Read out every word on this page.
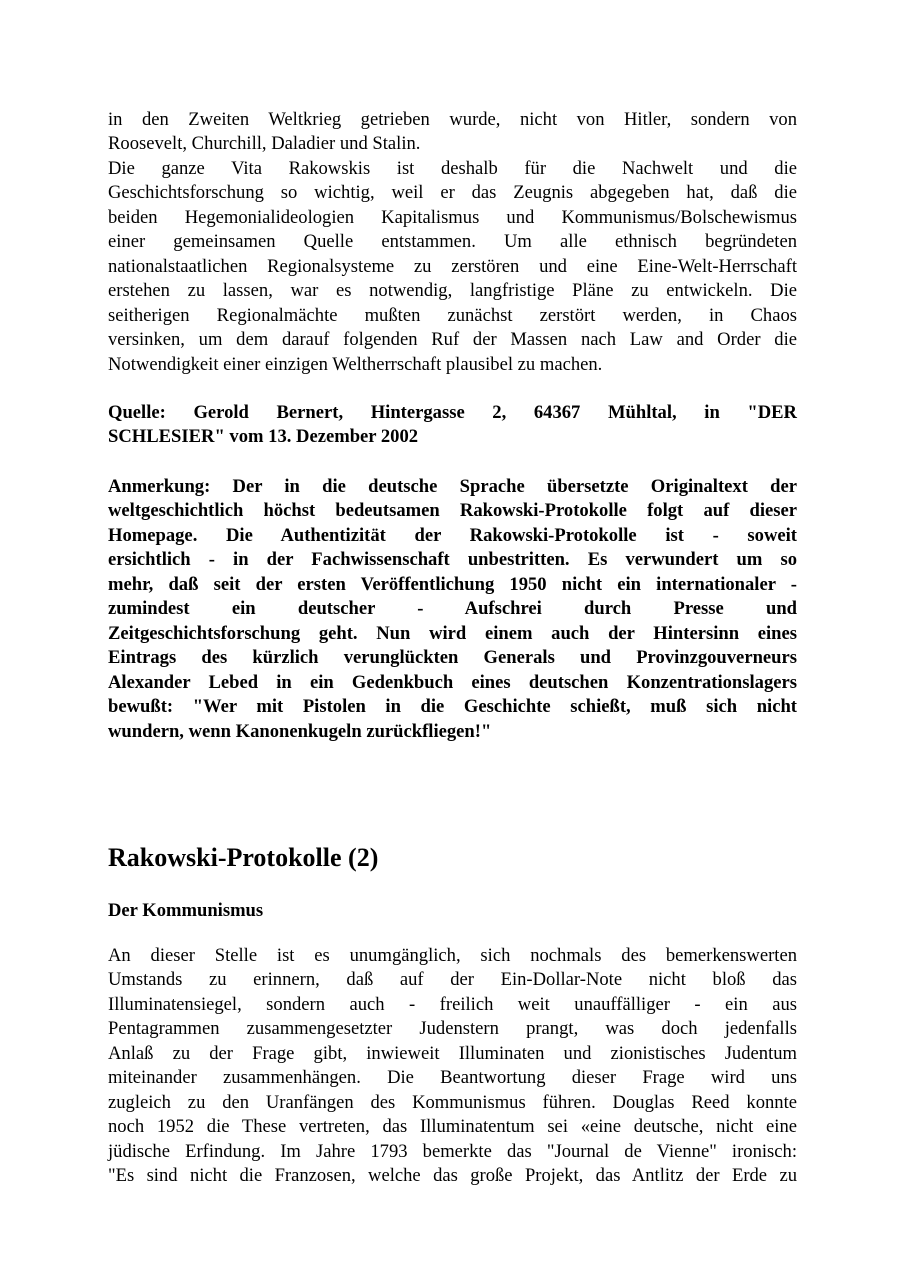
in den Zweiten Weltkrieg getrieben wurde, nicht von Hitler, sondern von
Roosevelt, Churchill, Daladier und Stalin.
Die ganze Vita Rakowskis ist deshalb für die Nachwelt und die
Geschichtsforschung so wichtig, weil er das Zeugnis abgegeben hat, daß die
beiden Hegemonialideologien Kapitalismus und Kommunismus/Bolschewismus
einer gemeinsamen Quelle entstammen. Um alle ethnisch begründeten
nationalstaatlichen Regionalsysteme zu zerstören und eine Eine-Welt-Herrschaft
erstehen zu lassen, war es notwendig, langfristige Pläne zu entwickeln. Die
seitherigen Regionalmächte mußten zunächst zerstört werden, in Chaos
versinken, um dem darauf folgenden Ruf der Massen nach Law and Order die
Notwendigkeit einer einzigen Weltherrschaft plausibel zu machen.
Quelle: Gerold Bernert, Hintergasse 2, 64367 Mühltal, in "DER
SCHLESIER" vom 13. Dezember 2002
Anmerkung: Der in die deutsche Sprache übersetzte Originaltext der
weltgeschichtlich höchst bedeutsamen Rakowski-Protokolle folgt auf dieser
Homepage. Die Authentizität der Rakowski-Protokolle ist - soweit
ersichtlich - in der Fachwissenschaft unbestritten. Es verwundert um so
mehr, daß seit der ersten Veröffentlichung 1950 nicht ein internationaler -
zumindest ein deutscher - Aufschrei durch Presse und
Zeitgeschichtsforschung geht. Nun wird einem auch der Hintersinn eines
Eintrags des kürzlich verunglückten Generals und Provinzgouverneurs
Alexander Lebed in ein Gedenkbuch eines deutschen Konzentrationslagers
bewußt: "Wer mit Pistolen in die Geschichte schießt, muß sich nicht
wundern, wenn Kanonenkugeln zurückfliegen!"
Rakowski-Protokolle (2)
Der Kommunismus
An dieser Stelle ist es unumgänglich, sich nochmals des bemerkenswerten
Umstands zu erinnern, daß auf der Ein-Dollar-Note nicht bloß das
Illuminatensiegel, sondern auch - freilich weit unauffälliger - ein aus
Pentagrammen zusammengesetzter Judenstern prangt, was doch jedenfalls
Anlaß zu der Frage gibt, inwieweit Illuminaten und zionistisches Judentum
miteinander zusammenhängen. Die Beantwortung dieser Frage wird uns
zugleich zu den Uranfängen des Kommunismus führen. Douglas Reed konnte
noch 1952 die These vertreten, das Illuminatentum sei «eine deutsche, nicht eine
jüdische Erfindung. Im Jahre 1793 bemerkte das "Journal de Vienne" ironisch:
"Es sind nicht die Franzosen, welche das große Projekt, das Antlitz der Erde zu
